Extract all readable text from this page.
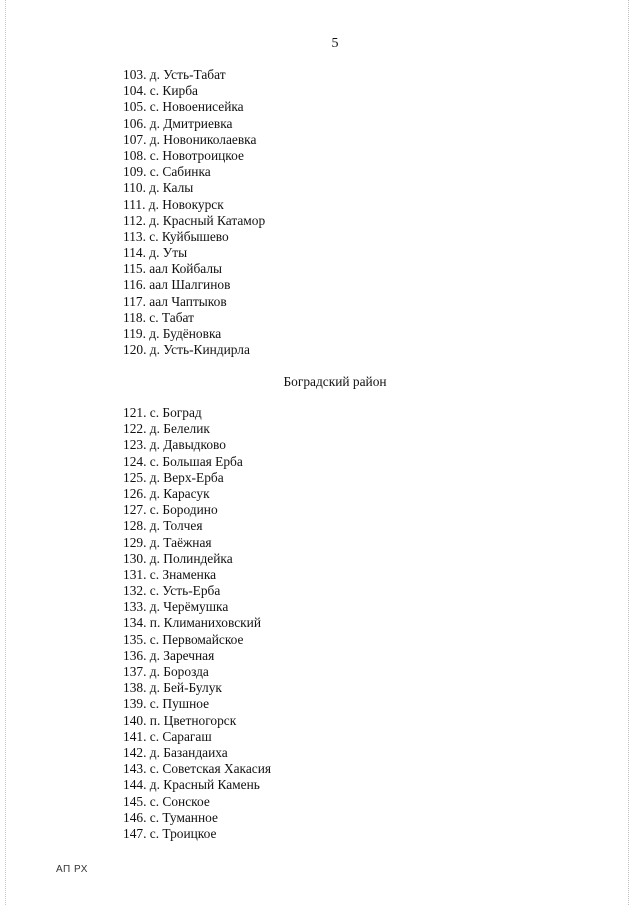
5
103. д. Усть-Табат
104. с. Кирба
105. с. Новоенисейка
106. д. Дмитриевка
107. д. Новониколаевка
108. с. Новотроицкое
109. с. Сабинка
110. д. Калы
111. д. Новокурск
112. д. Красный Катамор
113. с. Куйбышево
114. д. Уты
115. аал Койбалы
116. аал Шалгинов
117. аал Чаптыков
118. с. Табат
119. д. Будёновка
120. д. Усть-Киндирла
Боградский район
121. с. Боград
122. д. Белелик
123. д. Давыдково
124. с. Большая Ерба
125. д. Верх-Ерба
126. д. Карасук
127. с. Бородино
128. д. Толчея
129. д. Таёжная
130. д. Полиндейка
131. с. Знаменка
132. с. Усть-Ерба
133. д. Черёмушка
134. п. Климаниховский
135. с. Первомайское
136. д. Заречная
137. д. Борозда
138. д. Бей-Булук
139. с. Пушное
140. п. Цветногорск
141. с. Сарагаш
142. д. Базандаиха
143. с. Советская Хакасия
144. д. Красный Камень
145. с. Сонское
146. с. Туманное
147. с. Троицкое
АП РХ
